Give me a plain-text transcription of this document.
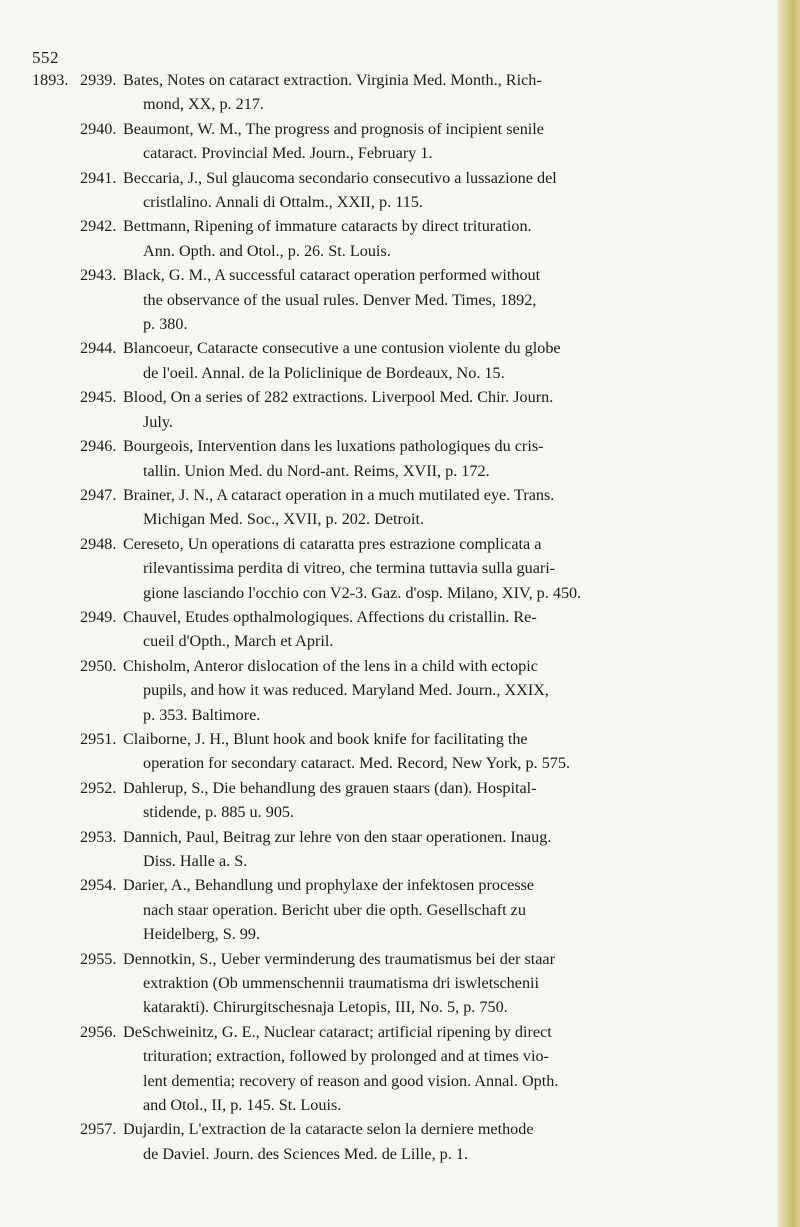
552
1893. 2939. Bates, Notes on cataract extraction. Virginia Med. Month., Rich-
mond, XX, p. 217.
2940. Beaumont, W. M., The progress and prognosis of incipient senile
cataract. Provincial Med. Journ., February 1.
2941. Beccaria, J., Sul glaucoma secondario consecutivo a lussazione del
cristlalino. Annali di Ottalm., XXII, p. 115.
2942. Bettmann, Ripening of immature cataracts by direct trituration.
Ann. Opth. and Otol., p. 26. St. Louis.
2943. Black, G. M., A successful cataract operation performed without
the observance of the usual rules. Denver Med. Times, 1892,
p. 380.
2944. Blancoeur, Cataracte consecutive a une contusion violente du globe
de l'oeil. Annal. de la Policlinique de Bordeaux, No. 15.
2945. Blood, On a series of 282 extractions. Liverpool Med. Chir. Journ.
July.
2946. Bourgeois, Intervention dans les luxations pathologiques du cris-
tallin. Union Med. du Nord-ant. Reims, XVII, p. 172.
2947. Brainer, J. N., A cataract operation in a much mutilated eye. Trans.
Michigan Med. Soc., XVII, p. 202. Detroit.
2948. Cereseto, Un operations di cataratta pres estrazione complicata a
rilevantissima perdita di vitreo, che termina tuttavia sulla guari-
gione lasciando l'occhio con V2-3. Gaz. d'osp. Milano, XIV, p. 450.
2949. Chauvel, Etudes opthalmologiques. Affections du cristallin. Re-
cueil d'Opth., March et April.
2950. Chisholm, Anteror dislocation of the lens in a child with ectopic
pupils, and how it was reduced. Maryland Med. Journ., XXIX,
p. 353. Baltimore.
2951. Claiborne, J. H., Blunt hook and book knife for facilitating the
operation for secondary cataract. Med. Record, New York, p. 575.
2952. Dahlerup, S., Die behandlung des grauen staars (dan). Hospital-
stidende, p. 885 u. 905.
2953. Dannich, Paul, Beitrag zur lehre von den staar operationen. Inaug.
Diss. Halle a. S.
2954. Darier, A., Behandlung und prophylaxe der infektosen processe
nach staar operation. Bericht uber die opth. Gesellschaft zu
Heidelberg, S. 99.
2955. Dennotkin, S., Ueber verminderung des traumatismus bei der staar
extraktion (Ob ummenschennii traumatisma dri iswletschenii
katarakti). Chirurgitschesnaja Letopis, III, No. 5, p. 750.
2956. DeSchweinitz, G. E., Nuclear cataract; artificial ripening by direct
trituration; extraction, followed by prolonged and at times vio-
lent dementia; recovery of reason and good vision. Annal. Opth.
and Otol., II, p. 145. St. Louis.
2957. Dujardin, L'extraction de la cataracte selon la derniere methode
de Daviel. Journ. des Sciences Med. de Lille, p. 1.
